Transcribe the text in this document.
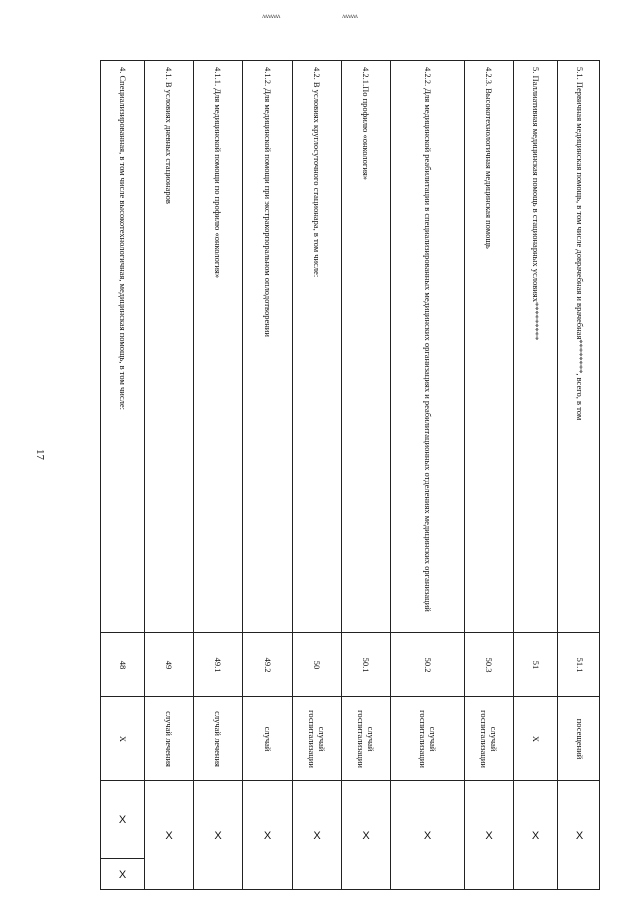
ᴧᴧᴧᴧᴧᴧᴧ	ᴧᴧᴧᴧᴧᴧ
17
4. Специализированная, в том числе высокотехнологичная, медицинская помощь, в том числе:
48
X
X
X
4.1. В условиях дневных стационаров
49
случай лечения
X
4.1.1. Для медицинской помощи по профилю «онкология»
49.1
случай лечения
X
4.1.2. Для медицинской помощи при экстракорпоральном оплодотворении
49.2
случай
X
4.2. В условиях круглосуточного стационара, в том числе:
50
случай госпитализации
X
4.2.1.По профилю «онкология»
50.1
случай госпитализации
X
4.2.2. Для медицинской реабилитации в специализированных медицинских организациях и реабилитационных отделениях медицинских организаций
50.2
случай госпитализации
X
4.2.3. Высокотехнологичная медицинская помощь
50.3
случай госпитализации
X
5. Паллиативная медицинская помощь в стационарных условиях*********
51
X
X
5.1. Первичная медицинская помощь, в том числе доврачебная и врачебная********, всего, в том
51.1
посещений
X
